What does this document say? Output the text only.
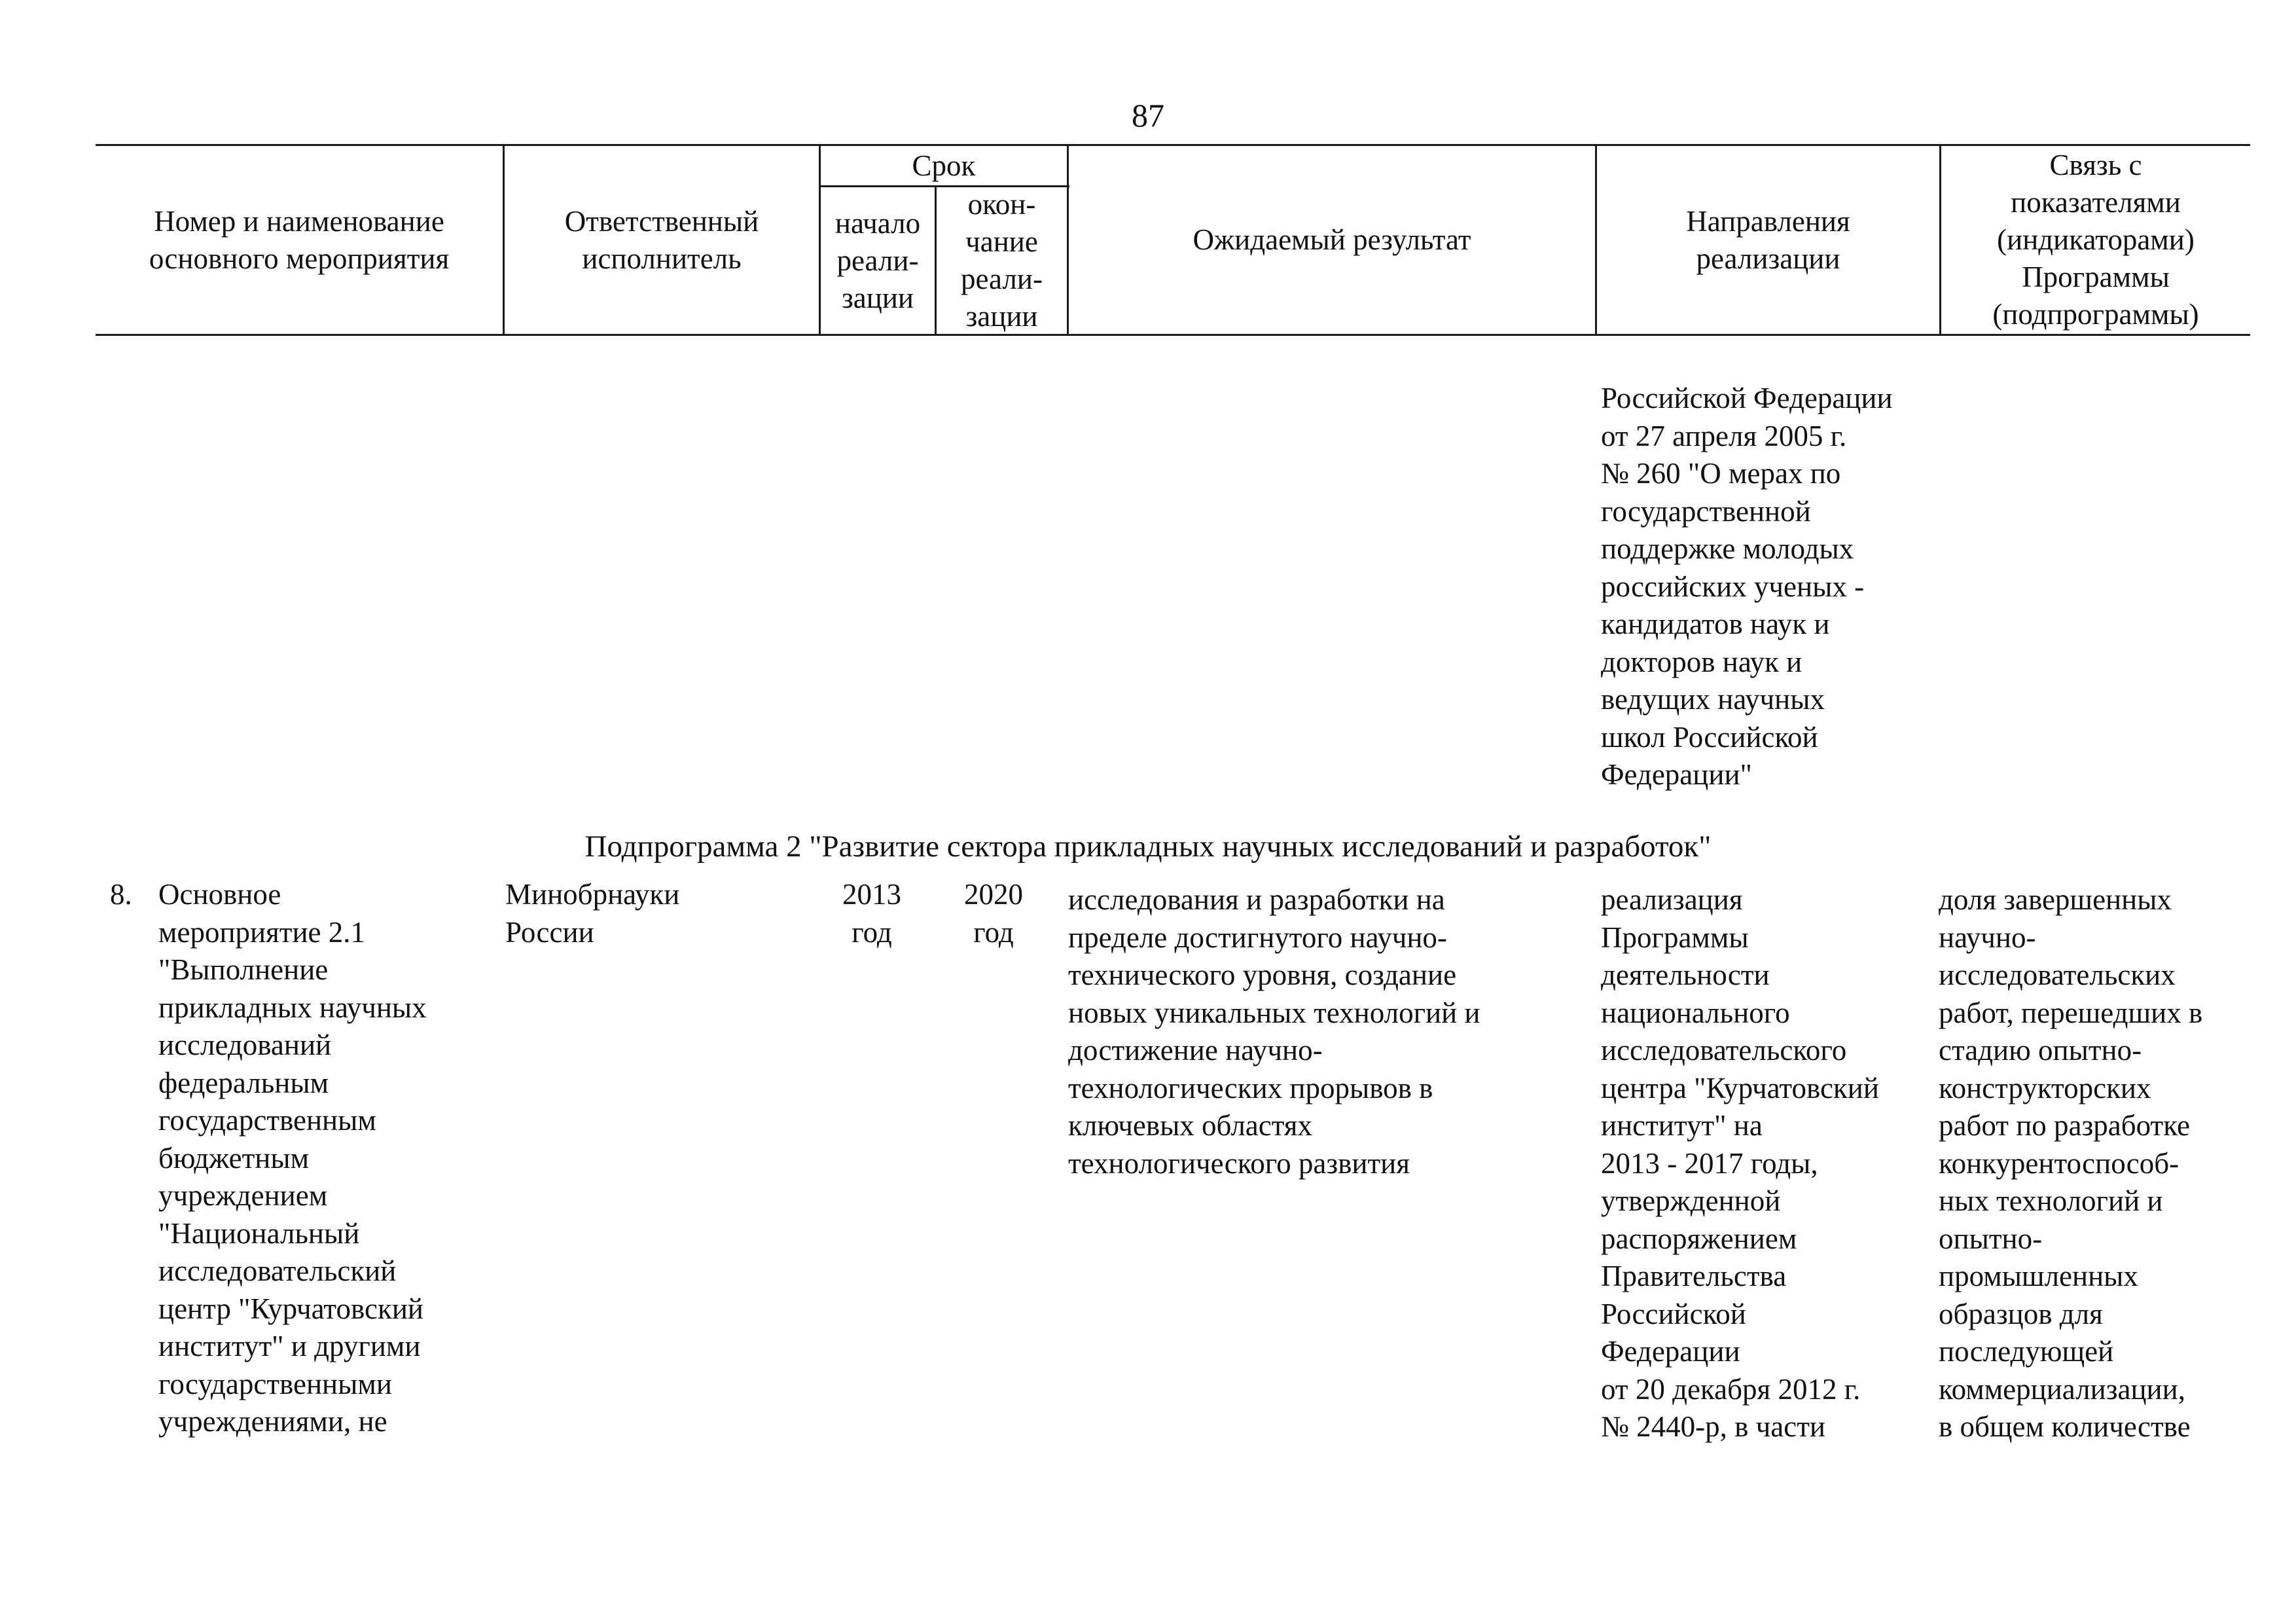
87
Номер и наименование основного мероприятия
Ответственный исполнитель
Срок
начало реали-зации
окон-чание реали-зации
Ожидаемый результат
Направления реализации
Связь с показателями (индикаторами) Программы (подпрограммы)
Российской Федерации
от 27 апреля 2005 г.
№ 260 "О мерах по
государственной
поддержке молодых
российских ученых -
кандидатов наук и
докторов наук и
ведущих научных
школ Российской
Федерации"
Подпрограмма 2 "Развитие сектора прикладных научных исследований и разработок"
8. Основное
мероприятие 2.1
"Выполнение
прикладных научных
исследований
федеральным
государственным
бюджетным
учреждением
"Национальный
исследовательский
центр "Курчатовский
институт" и другими
государственными
учреждениями, не
Минобрнауки
России
2013
год
2020
год
исследования и разработки на
пределе достигнутого научно-
технического уровня, создание
новых уникальных технологий и
достижение научно-
технологических прорывов в
ключевых областях
технологического развития
реализация
Программы
деятельности
национального
исследовательского
центра "Курчатовский
институт" на
2013 - 2017 годы,
утвержденной
распоряжением
Правительства
Российской
Федерации
от 20 декабря 2012 г.
№ 2440-р, в части
доля завершенных
научно-
исследовательских
работ, перешедших в
стадию опытно-
конструкторских
работ по разработке
конкурентоспособ-
ных технологий и
опытно-
промышленных
образцов для
последующей
коммерциализации,
в общем количестве
